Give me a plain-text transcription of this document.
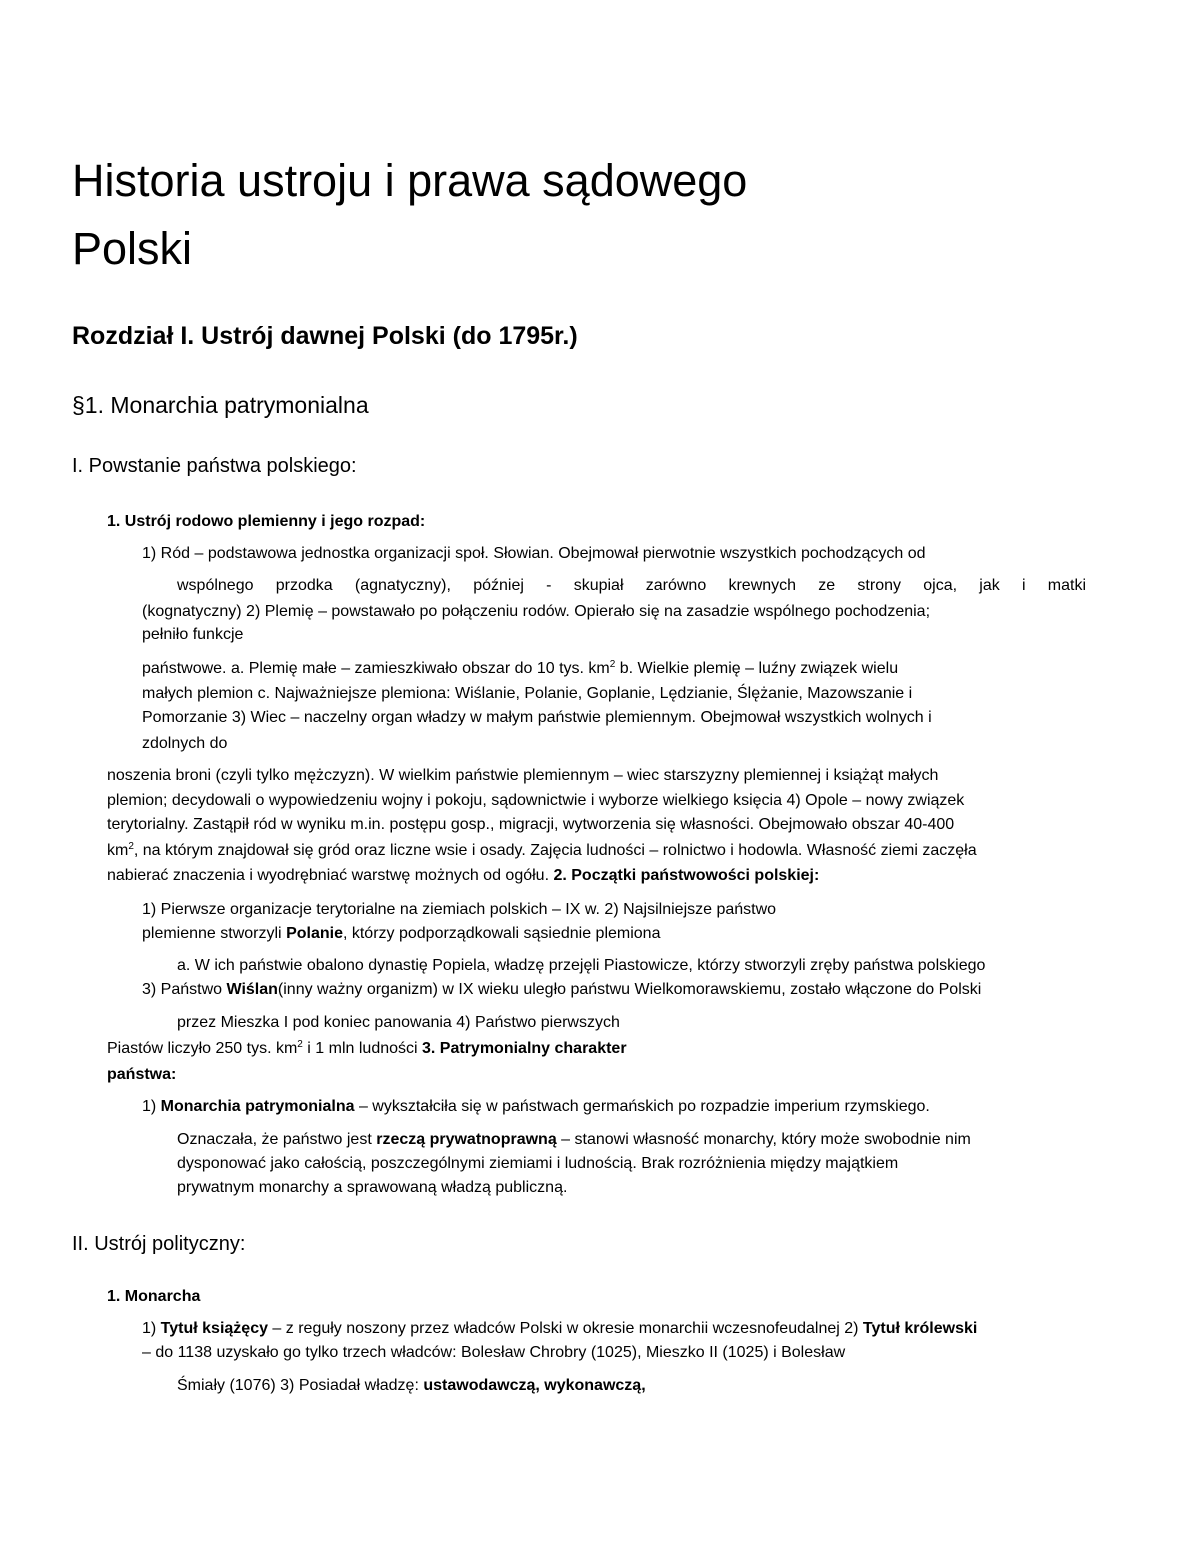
Historia ustroju i prawa sądowego
Polski
Rozdział I. Ustrój dawnej Polski (do 1795r.)
§1. Monarchia patrymonialna
I. Powstanie państwa polskiego:
1. Ustrój rodowo plemienny i jego rozpad:
1) Ród – podstawowa jednostka organizacji społ. Słowian. Obejmował pierwotnie wszystkich pochodzących od
wspólnego przodka (agnatyczny), później - skupiał zarówno krewnych ze strony ojca, jak i matki
(kognatyczny) 2) Plemię – powstawało po połączeniu rodów. Opierało się na zasadzie wspólnego pochodzenia;
pełniło funkcje
państwowe. a. Plemię małe – zamieszkiwało obszar do 10 tys. $km^2$ b. Wielkie plemię – luźny związek wielu
małych plemion c. Najważniejsze plemiona: Wiślanie, Polanie, Goplanie, Lędzianie, Ślężanie, Mazowszanie i
Pomorzanie 3) Wiec – naczelny organ władzy w małym państwie plemiennym. Obejmował wszystkich wolnych i
zdolnych do
noszenia broni (czyli tylko mężczyzn). W wielkim państwie plemiennym – wiec starszyzny plemiennej i książąt małych
plemion; decydowali o wypowiedzeniu wojny i pokoju, sądownictwie i wyborze wielkiego księcia 4) Opole – nowy związek
terytorialny. Zastąpił ród w wyniku m.in. postępu gosp., migracji, wytworzenia się własności. Obejmowało obszar 40-400
$km^2$, na którym znajdował się gród oraz liczne wsie i osady. Zajęcia ludności – rolnictwo i hodowla. Własność ziemi zaczęła
nabierać znaczenia i wyodrębniać warstwę możnych od ogółu. 2. Początki państwowości polskiej:
1) Pierwsze organizacje terytorialne na ziemiach polskich – IX w. 2) Najsilniejsze państwo
plemienne stworzyli Polanie, którzy podporządkowali sąsiednie plemiona
a. W ich państwie obalono dynastię Popiela, władzę przejęli Piastowicze, którzy stworzyli zręby państwa polskiego
3) Państwo Wiślan(inny ważny organizm) w IX wieku uległo państwu Wielkomorawskiemu, zostało włączone do Polski
przez Mieszka I pod koniec panowania 4) Państwo pierwszych
Piastów liczyło 250 tys. $km^2$ i 1 mln ludności 3. Patrymonialny charakter
państwa:
1) Monarchia patrymonialna – wykształciła się w państwach germańskich po rozpadzie imperium rzymskiego.
Oznaczała, że państwo jest rzeczą prywatnoprawną – stanowi własność monarchy, który może swobodnie nim
dysponować jako całością, poszczególnymi ziemiami i ludnością. Brak rozróżnienia między majątkiem
prywatnym monarchy a sprawowaną władzą publiczną.
II. Ustrój polityczny:
1. Monarcha
1) Tytuł książęcy – z reguły noszony przez władców Polski w okresie monarchii wczesnofeudalnej 2) Tytuł królewski
– do 1138 uzyskało go tylko trzech władców: Bolesław Chrobry (1025), Mieszko II (1025) i Bolesław
Śmiały (1076) 3) Posiadał władzę: ustawodawczą, wykonawczą,
